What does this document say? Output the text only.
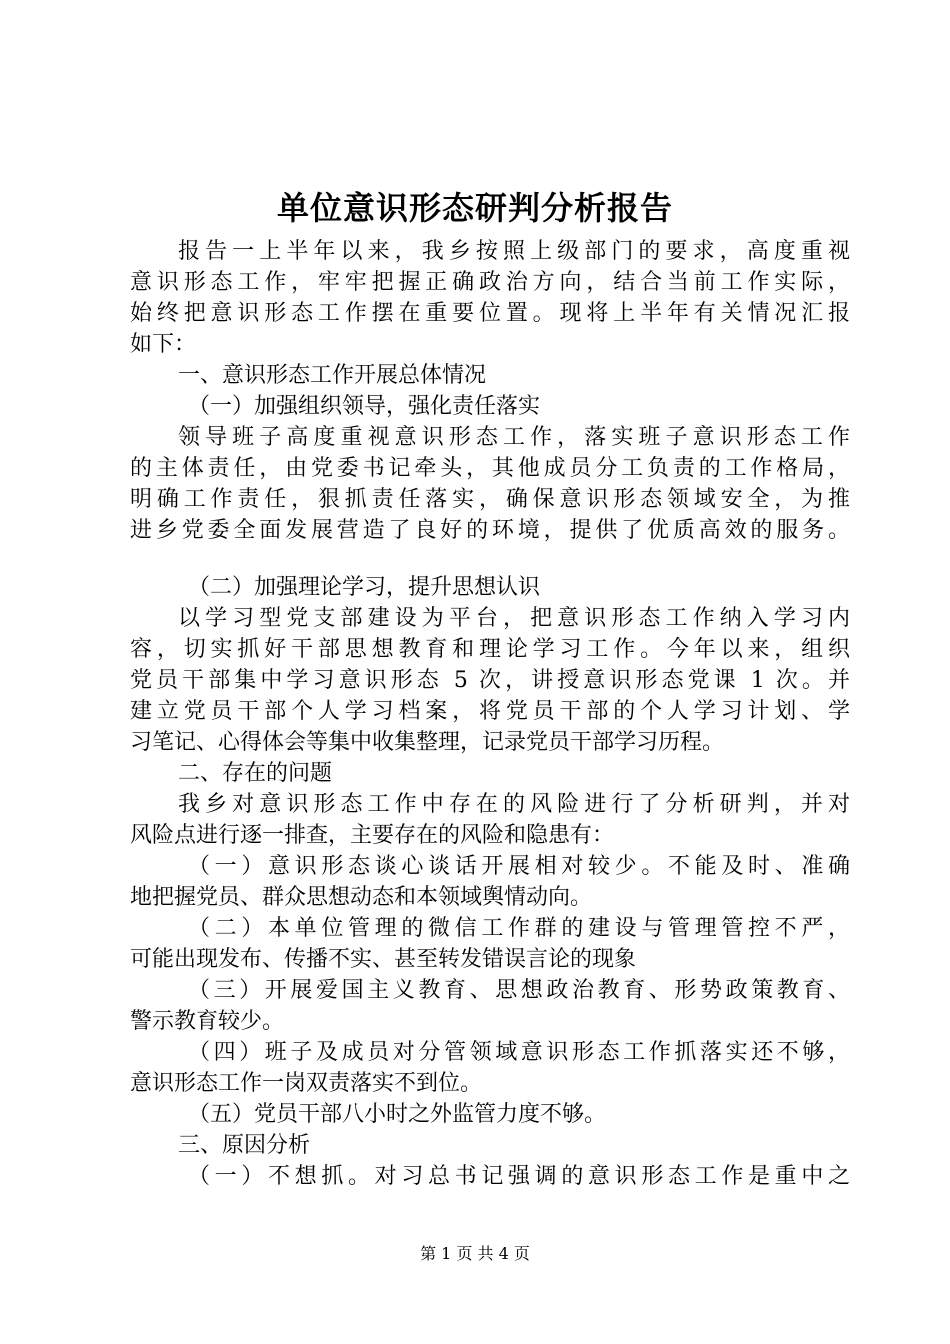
单位意识形态研判分析报告
报告一上半年以来，我乡按照上级部门的要求，高度重视
意识形态工作，牢牢把握正确政治方向，结合当前工作实际，
始终把意识形态工作摆在重要位置。现将上半年有关情况汇报
如下：
一、意识形态工作开展总体情况
（一）加强组织领导，强化责任落实
领导班子高度重视意识形态工作，落实班子意识形态工作
的主体责任，由党委书记牵头，其他成员分工负责的工作格局，
明确工作责任，狠抓责任落实，确保意识形态领域安全，为推
进乡党委全面发展营造了良好的环境，提供了优质高效的服务。
（二）加强理论学习，提升思想认识
以学习型党支部建设为平台，把意识形态工作纳入学习内
容，切实抓好干部思想教育和理论学习工作。今年以来，组织
党员干部集中学习意识形态 5 次，讲授意识形态党课 1 次。并
建立党员干部个人学习档案，将党员干部的个人学习计划、学
习笔记、心得体会等集中收集整理，记录党员干部学习历程。
二、存在的问题
我乡对意识形态工作中存在的风险进行了分析研判，并对
风险点进行逐一排查，主要存在的风险和隐患有：
（一）意识形态谈心谈话开展相对较少。不能及时、准确
地把握党员、群众思想动态和本领域舆情动向。
（二）本单位管理的微信工作群的建设与管理管控不严，
可能出现发布、传播不实、甚至转发错误言论的现象
（三）开展爱国主义教育、思想政治教育、形势政策教育、
警示教育较少。
（四）班子及成员对分管领域意识形态工作抓落实还不够，
意识形态工作一岗双责落实不到位。
（五）党员干部八小时之外监管力度不够。
三、原因分析
（一）不想抓。对习总书记强调的意识形态工作是重中之
第 1 页 共 4 页
